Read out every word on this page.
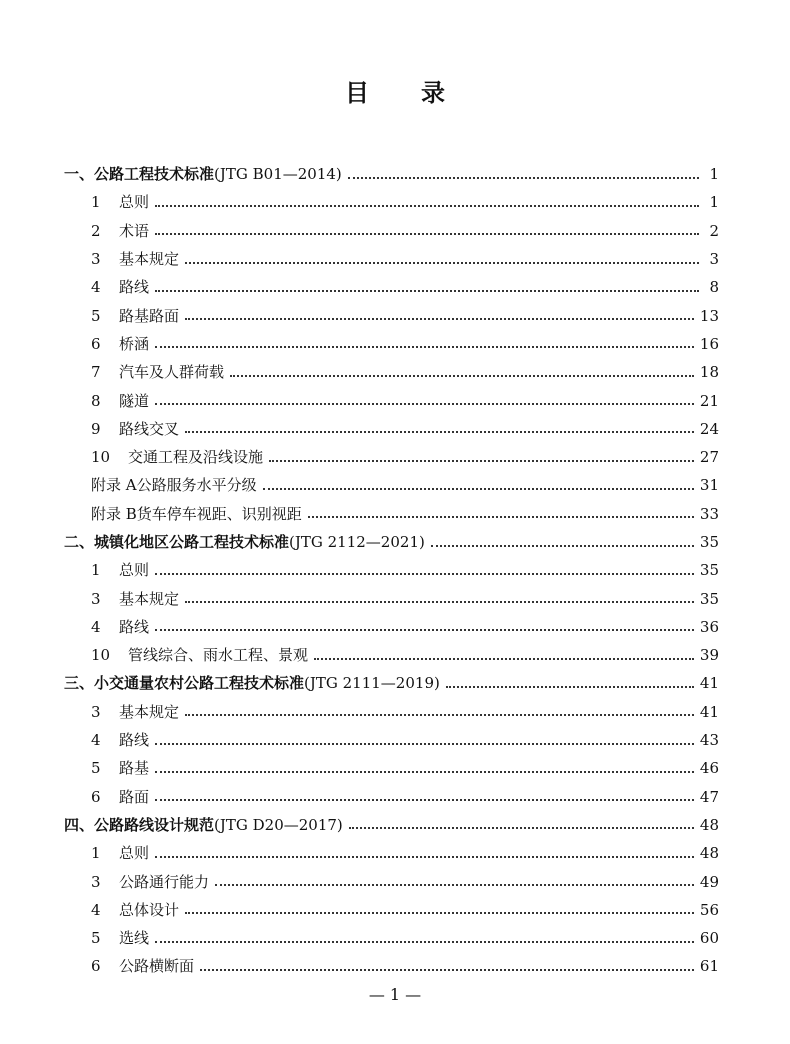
目 录
一、公路工程技术标准(JTG B01—2014)	1
1 总则	1
2 术语	2
3 基本规定	3
4 路线	8
5 路基路面	13
6 桥涵	16
7 汽车及人群荷载	18
8 隧道	21
9 路线交叉	24
10 交通工程及沿线设施	27
附录 A公路服务水平分级	31
附录 B货车停车视距、识别视距	33
二、城镇化地区公路工程技术标准(JTG 2112—2021)	35
1 总则	35
3 基本规定	35
4 路线	36
10 管线综合、雨水工程、景观	39
三、小交通量农村公路工程技术标准(JTG 2111—2019)	41
3 基本规定	41
4 路线	43
5 路基	46
6 路面	47
四、公路路线设计规范(JTG D20—2017)	48
1 总则	48
3 公路通行能力	49
4 总体设计	56
5 选线	60
6 公路横断面	61
— 1 —
